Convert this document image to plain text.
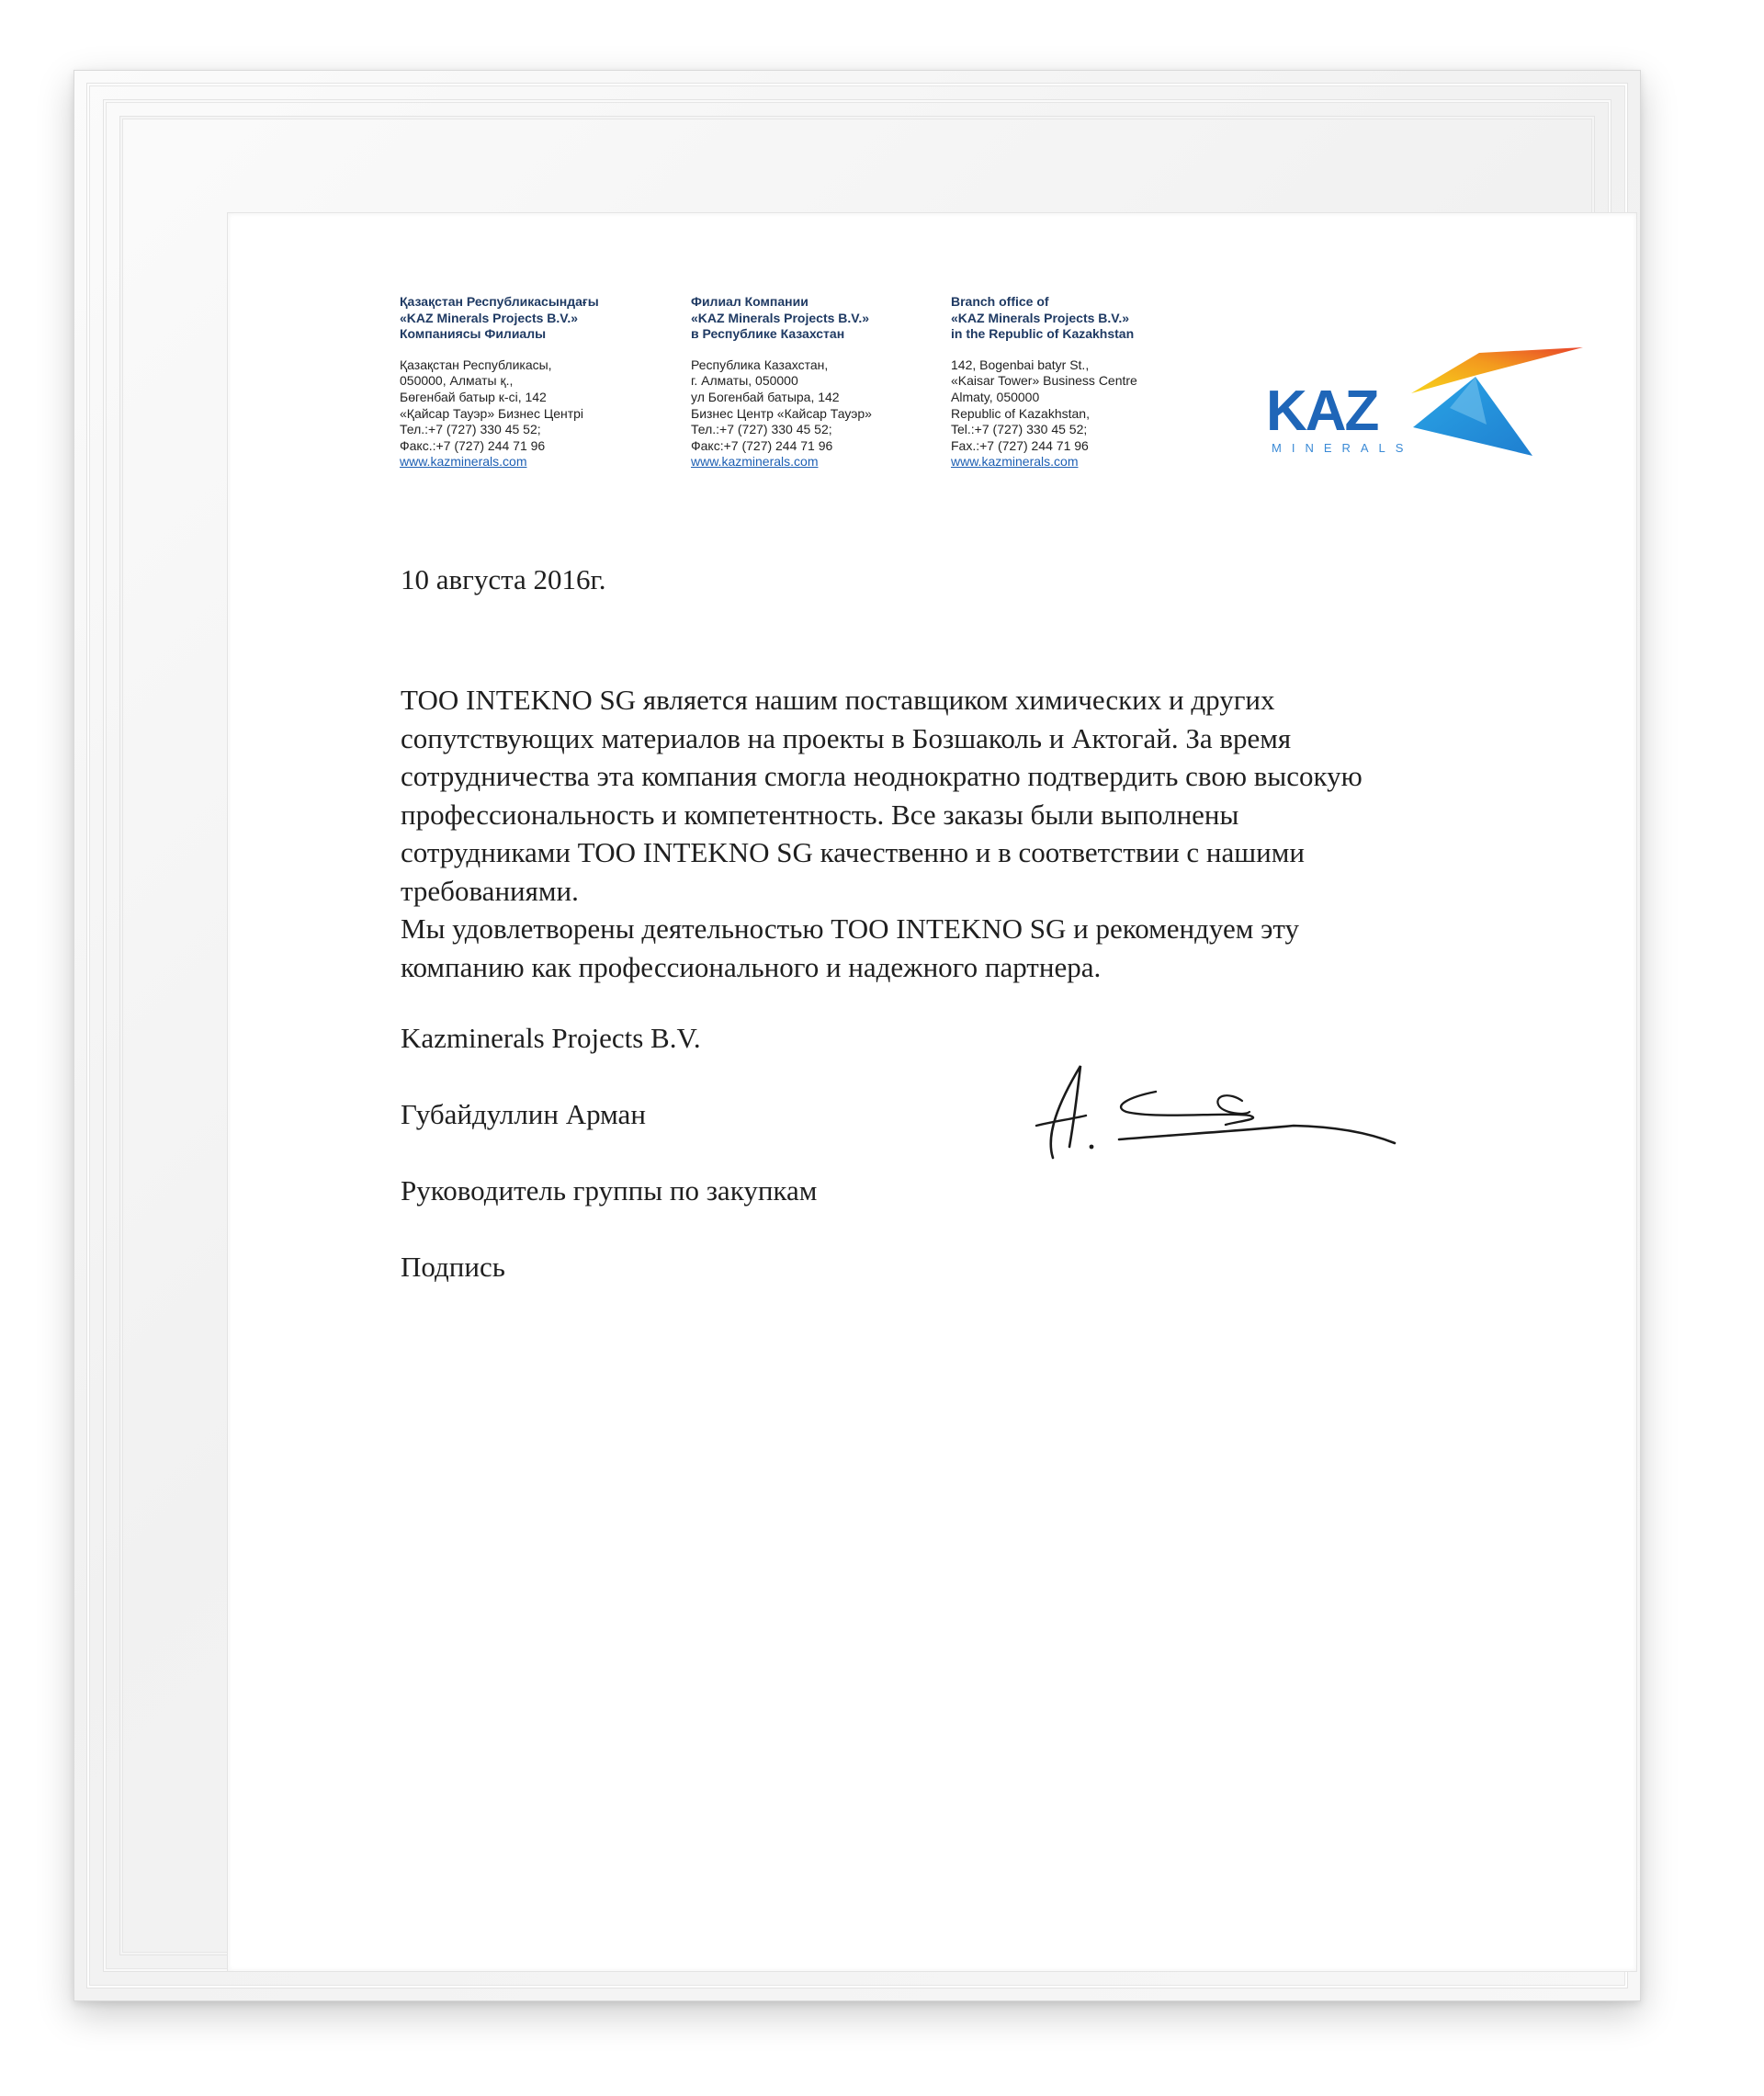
Қазақстан Республикасындағы
«KAZ Minerals Projects B.V.»
Компаниясы Филиалы
Қазақстан Республикасы,
050000, Алматы қ.,
Бөгенбай батыр к-сі, 142
«Қайсар Тауэр» Бизнес Центрі
Тел.:+7 (727) 330 45 52;
Факс.:+7 (727) 244 71 96
www.kazminerals.com
Филиал Компании
«KAZ Minerals Projects B.V.»
в Республике Казахстан
Республика Казахстан,
г. Алматы, 050000
ул Богенбай батыра, 142
Бизнес Центр «Кайсар Тауэр»
Тел.:+7 (727) 330 45 52;
Факс:+7 (727) 244 71 96
www.kazminerals.com
Branch office of
«KAZ Minerals Projects B.V.»
in the Republic of Kazakhstan
142, Bogenbai batyr St.,
«Kaisar Tower» Business Centre
Almaty, 050000
Republic of Kazakhstan,
Tel.:+7 (727) 330 45 52;
Fax.:+7 (727) 244 71 96
www.kazminerals.com
KAZ
MINERALS
10 августа 2016г.
ТОО INTEKNO SG является нашим поставщиком химических и других
сопутствующих материалов на проекты в Бозшаколь и Актогай. За время
сотрудничества эта компания смогла неоднократно подтвердить свою высокую
профессиональность и компетентность. Все заказы были выполнены
сотрудниками ТОО INTEKNO SG качественно и в соответствии с нашими
требованиями.
Мы удовлетворены деятельностью ТОО INTEKNO SG и рекомендуем эту
компанию как профессионального и надежного партнера.
Kazminerals Projects B.V.
Губайдуллин Арман
Руководитель группы по закупкам
Подпись
